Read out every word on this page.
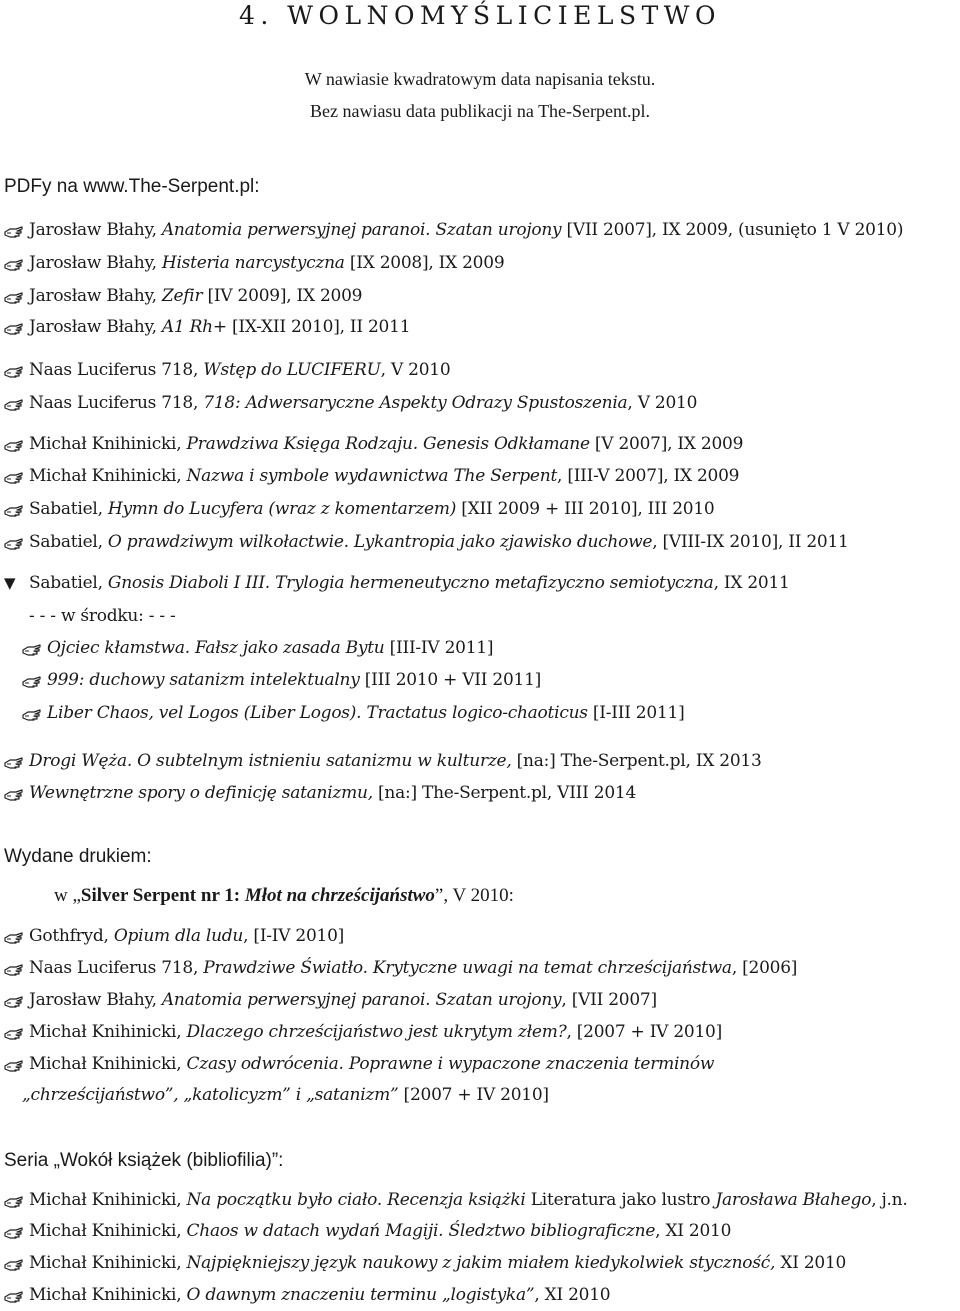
4. WOLNOMYŚLICIELSTWO
W nawiasie kwadratowym data napisania tekstu.
Bez nawiasu data publikacji na The-Serpent.pl.
PDFy na www.The-Serpent.pl:
Jarosław Błahy, Anatomia perwersyjnej paranoi. Szatan urojony [VII 2007], IX 2009, (usunięto 1 V 2010)
Jarosław Błahy, Histeria narcystyczna [IX 2008], IX 2009
Jarosław Błahy, Zefir [IV 2009], IX 2009
Jarosław Błahy, A1 Rh+ [IX-XII 2010], II 2011
Naas Luciferus 718, Wstęp do LUCIFERU, V 2010
Naas Luciferus 718, 718: Adwersaryczne Aspekty Odrazy Spustoszenia, V 2010
Michał Knihinicki, Prawdziwa Księga Rodzaju. Genesis Odkłamane [V 2007], IX 2009
Michał Knihinicki, Nazwa i symbole wydawnictwa The Serpent, [III-V 2007], IX 2009
Sabatiel, Hymn do Lucyfera (wraz z komentarzem) [XII 2009 + III 2010], III 2010
Sabatiel, O prawdziwym wilkołactwie. Lykantropia jako zjawisko duchowe, [VIII-IX 2010], II 2011
▼ Sabatiel, Gnosis Diaboli I III. Trylogia hermeneutyczno metafizyczno semiotyczna, IX 2011
- - - w środku: - - -
Ojciec kłamstwa. Fałsz jako zasada Bytu [III-IV 2011]
999: duchowy satanizm intelektualny [III 2010 + VII 2011]
Liber Chaos, vel Logos (Liber Logos). Tractatus logico-chaoticus [I-III 2011]
Drogi Węża. O subtelnym istnieniu satanizmu w kulturze, [na:] The-Serpent.pl, IX 2013
Wewnętrzne spory o definicję satanizmu, [na:] The-Serpent.pl, VIII 2014
Wydane drukiem:
w „Silver Serpent nr 1: Młot na chrześcijaństwo”, V 2010:
Gothfryd, Opium dla ludu, [I-IV 2010]
Naas Luciferus 718, Prawdziwe Światło. Krytyczne uwagi na temat chrześcijaństwa, [2006]
Jarosław Błahy, Anatomia perwersyjnej paranoi. Szatan urojony, [VII 2007]
Michał Knihinicki, Dlaczego chrześcijaństwo jest ukrytym złem?, [2007 + IV 2010]
Michał Knihinicki, Czasy odwrócenia. Poprawne i wypaczone znaczenia terminów
„chrześcijaństwo”, „katolicyzm” i „satanizm” [2007 + IV 2010]
Seria „Wokół książek (bibliofilia)”:
Michał Knihinicki, Na początku było ciało. Recenzja książki Literatura jako lustro Jarosława Błahego, j.n.
Michał Knihinicki, Chaos w datach wydań Magiji. Śledztwo bibliograficzne, XI 2010
Michał Knihinicki, Najpiękniejszy język naukowy z jakim miałem kiedykolwiek styczność, XI 2010
Michał Knihinicki, O dawnym znaczeniu terminu „logistyka”, XI 2010
